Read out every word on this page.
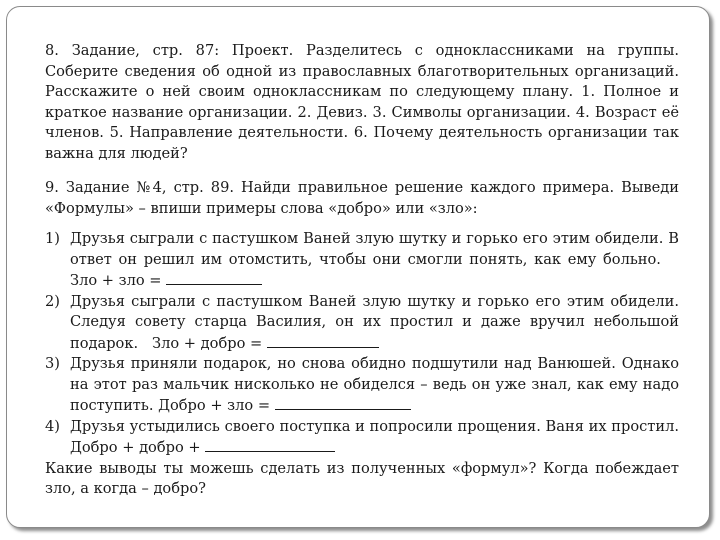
8. Задание, стр. 87: Проект. Разделитесь с одноклассниками на группы. Соберите сведения об одной из православных благотворительных организаций. Расскажите о ней своим одноклассникам по следующему плану. 1. Полное и краткое название организации. 2. Девиз. 3. Символы организации. 4. Возраст её членов. 5. Направление деятельности. 6. Почему деятельность организации так важна для людей?

9. Задание №4, стр. 89. Найди правильное решение каждого примера. Выведи «Формулы» – впиши примеры слова «добро» или «зло»:

1) Друзья сыграли с пастушком Ваней злую шутку и горько его этим обидели. В ответ он решил им отомстить, чтобы они смогли понять, как ему больно.    Зло + зло =
2) Друзья сыграли с пастушком Ваней злую шутку и горько его этим обидели. Следуя совету старца Василия, он их простил и даже вручил небольшой подарок. Зло + добро =
3) Друзья приняли подарок, но снова обидно подшутили над Ванюшей. Однако на этот раз мальчик нисколько не обиделся – ведь он уже знал, как ему надо поступить. Добро + зло =
4) Друзья устыдились своего поступка и попросили прощения. Ваня их простил. Добро + добро +

Какие выводы ты можешь сделать из полученных «формул»? Когда побеждает зло, а когда – добро?
